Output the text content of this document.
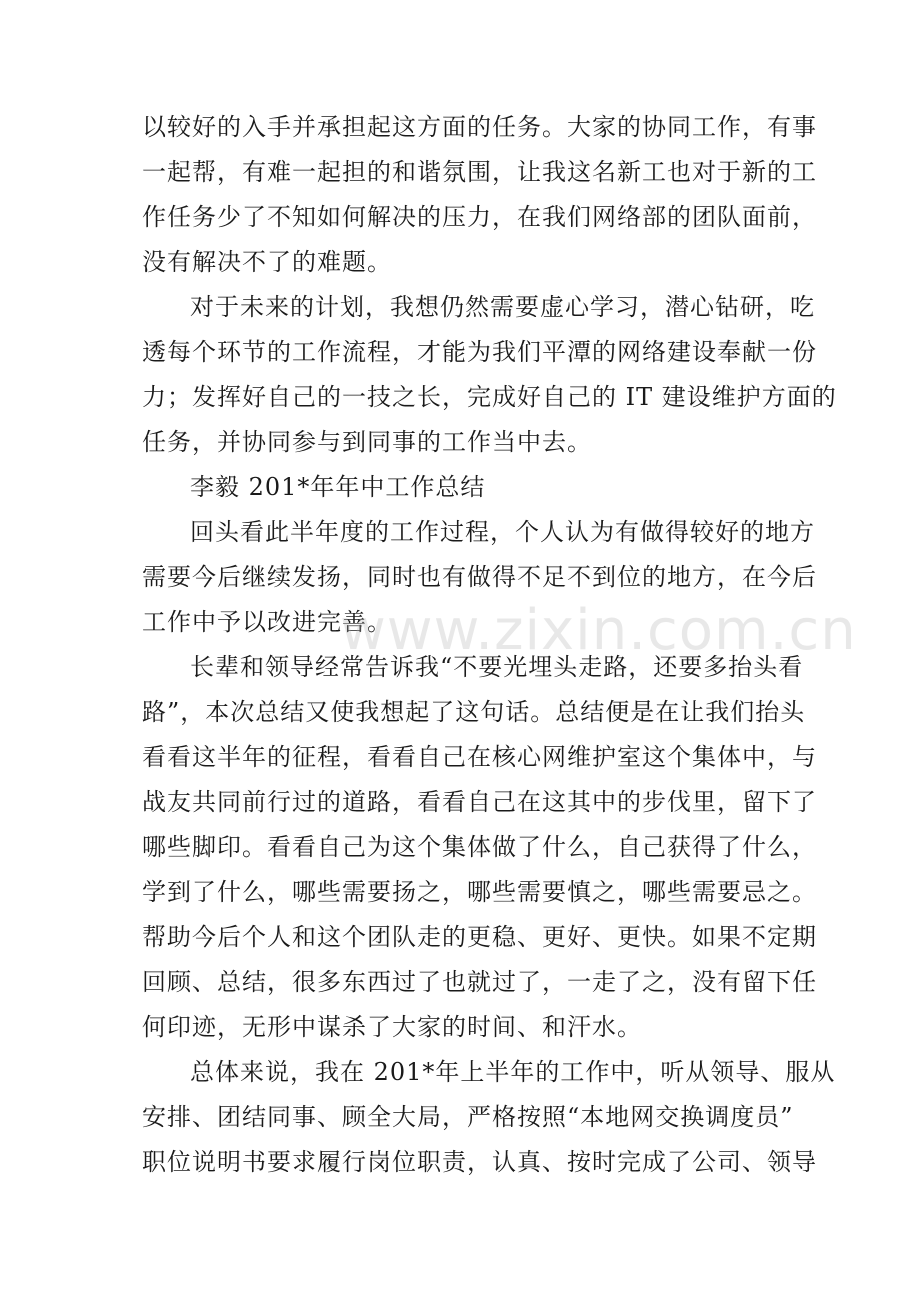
以较好的入手并承担起这方面的任务。大家的协同工作，有事
一起帮，有难一起担的和谐氛围，让我这名新工也对于新的工
作任务少了不知如何解决的压力，在我们网络部的团队面前，
没有解决不了的难题。
对于未来的计划，我想仍然需要虚心学习，潜心钻研，吃
透每个环节的工作流程，才能为我们平潭的网络建设奉献一份
力；发挥好自己的一技之长，完成好自己的 IT 建设维护方面的
任务，并协同参与到同事的工作当中去。
李毅 201*年年中工作总结
回头看此半年度的工作过程，个人认为有做得较好的地方
需要今后继续发扬，同时也有做得不足不到位的地方，在今后
工作中予以改进完善。
长辈和领导经常告诉我“不要光埋头走路，还要多抬头看
路”，本次总结又使我想起了这句话。总结便是在让我们抬头
看看这半年的征程，看看自己在核心网维护室这个集体中，与
战友共同前行过的道路，看看自己在这其中的步伐里，留下了
哪些脚印。看看自己为这个集体做了什么，自己获得了什么，
学到了什么，哪些需要扬之，哪些需要慎之，哪些需要忌之。
帮助今后个人和这个团队走的更稳、更好、更快。如果不定期
回顾、总结，很多东西过了也就过了，一走了之，没有留下任
何印迹，无形中谋杀了大家的时间、和汗水。
总体来说，我在 201*年上半年的工作中，听从领导、服从
安排、团结同事、顾全大局，严格按照“本地网交换调度员”
职位说明书要求履行岗位职责，认真、按时完成了公司、领导
www.zixin.com.cn
